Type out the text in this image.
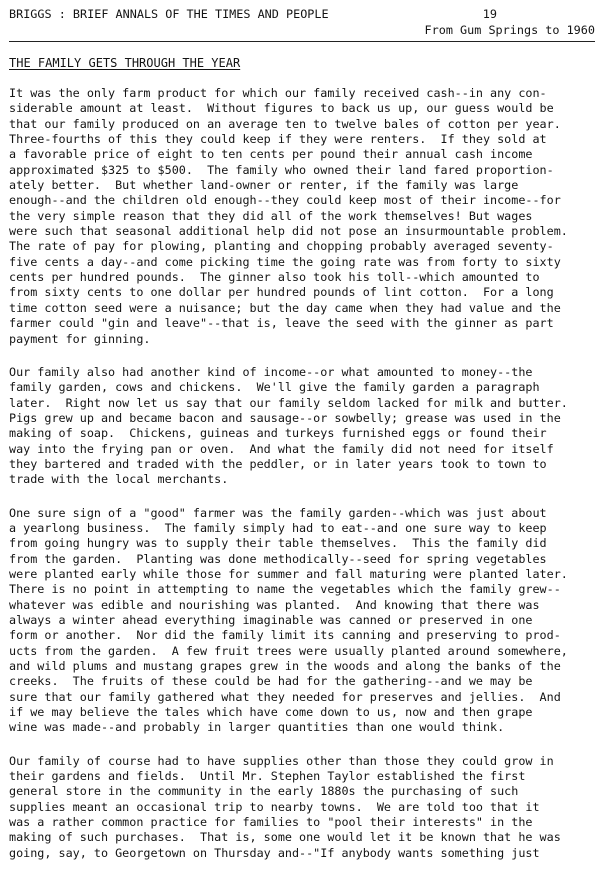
BRIGGS : BRIEF ANNALS OF THE TIMES AND PEOPLE	19
From Gum Springs to 1960
THE FAMILY GETS THROUGH THE YEAR
It was the only farm product for which our family received cash--in any con-
siderable amount at least.  Without figures to back us up, our guess would be
that our family produced on an average ten to twelve bales of cotton per year.
Three-fourths of this they could keep if they were renters.  If they sold at
a favorable price of eight to ten cents per pound their annual cash income
approximated $325 to $500.  The family who owned their land fared proportion-
ately better.  But whether land-owner or renter, if the family was large
enough--and the children old enough--they could keep most of their income--for
the very simple reason that they did all of the work themselves! But wages
were such that seasonal additional help did not pose an insurmountable problem.
The rate of pay for plowing, planting and chopping probably averaged seventy-
five cents a day--and come picking time the going rate was from forty to sixty
cents per hundred pounds.  The ginner also took his toll--which amounted to
from sixty cents to one dollar per hundred pounds of lint cotton.  For a long
time cotton seed were a nuisance; but the day came when they had value and the
farmer could "gin and leave"--that is, leave the seed with the ginner as part
payment for ginning.
Our family also had another kind of income--or what amounted to money--the
family garden, cows and chickens.  We'll give the family garden a paragraph
later.  Right now let us say that our family seldom lacked for milk and butter.
Pigs grew up and became bacon and sausage--or sowbelly; grease was used in the
making of soap.  Chickens, guineas and turkeys furnished eggs or found their
way into the frying pan or oven.  And what the family did not need for itself
they bartered and traded with the peddler, or in later years took to town to
trade with the local merchants.
One sure sign of a "good" farmer was the family garden--which was just about
a yearlong business.  The family simply had to eat--and one sure way to keep
from going hungry was to supply their table themselves.  This the family did
from the garden.  Planting was done methodically--seed for spring vegetables
were planted early while those for summer and fall maturing were planted later.
There is no point in attempting to name the vegetables which the family grew--
whatever was edible and nourishing was planted.  And knowing that there was
always a winter ahead everything imaginable was canned or preserved in one
form or another.  Nor did the family limit its canning and preserving to prod-
ucts from the garden.  A few fruit trees were usually planted around somewhere,
and wild plums and mustang grapes grew in the woods and along the banks of the
creeks.  The fruits of these could be had for the gathering--and we may be
sure that our family gathered what they needed for preserves and jellies.  And
if we may believe the tales which have come down to us, now and then grape
wine was made--and probably in larger quantities than one would think.
Our family of course had to have supplies other than those they could grow in
their gardens and fields.  Until Mr. Stephen Taylor established the first
general store in the community in the early 1880s the purchasing of such
supplies meant an occasional trip to nearby towns.  We are told too that it
was a rather common practice for families to "pool their interests" in the
making of such purchases.  That is, some one would let it be known that he was
going, say, to Georgetown on Thursday and--"If anybody wants something just
